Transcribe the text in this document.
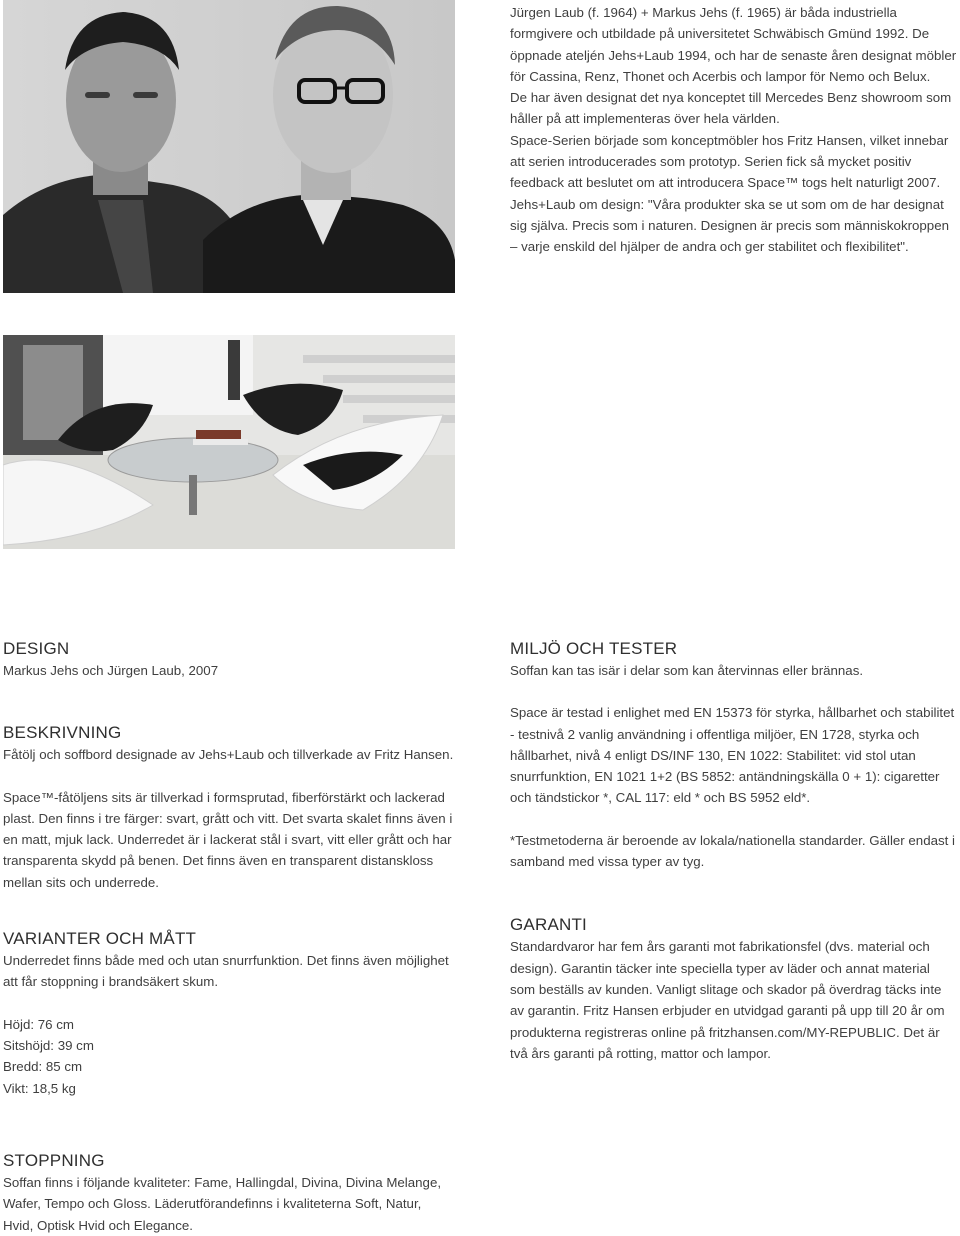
Jürgen Laub (f. 1964) + Markus Jehs (f. 1965) är båda industriella formgivere och utbildade på universitetet Schwäbisch Gmünd 1992. De öppnade ateljén Jehs+Laub 1994, och har de senaste åren designat möbler för Cassina, Renz, Thonet och Acerbis och lampor för Nemo och Belux.

De har även designat det nya konceptet till Mercedes Benz showroom som håller på att implementeras över hela världen.

Space-Serien började som konceptmöbler hos Fritz Hansen, vilket innebar att serien introducerades som prototyp. Serien fick så mycket positiv feedback att beslutet om att introducera Space™ togs helt naturligt 2007.

Jehs+Laub om design: "Våra produkter ska se ut som om de har designat sig själva. Precis som i naturen. Designen är precis som människokroppen – varje enskild del hjälper de andra och ger stabilitet och flexibilitet".

DESIGN

Markus Jehs och Jürgen Laub, 2007

BESKRIVNING

Fåtölj och soffbord designade av Jehs+Laub och tillverkade av Fritz Hansen.

Space™-fåtöljens sits är tillverkad i formsprutad, fiberförstärkt och lackerad plast. Den finns i tre färger: svart, grått och vitt. Det svarta skalet finns även i en matt, mjuk lack. Underredet är i lackerat stål i svart, vitt eller grått och har transparenta skydd på benen. Det finns även en transparent distanskloss mellan sits och underrede.

VARIANTER OCH MÅTT

Underredet finns både med och utan snurrfunktion. Det finns även möjlighet att får stoppning i brandsäkert skum.

Höjd: 76 cm
Sitshöjd: 39 cm
Bredd: 85 cm
Vikt: 18,5 kg
MILJÖ OCH TESTER

Soffan kan tas isär i delar som kan återvinnas eller brännas.

Space är testad i enlighet med EN 15373 för styrka, hållbarhet och stabilitet - testnivå 2 vanlig användning i offentliga miljöer, EN 1728, styrka och hållbarhet, nivå 4 enligt DS/INF 130, EN 1022: Stabilitet: vid stol utan snurrfunktion, EN 1021 1+2 (BS 5852: antändningskälla 0 + 1): cigaretter och tändstickor *, CAL 117: eld * och BS 5952 eld*.

*Testmetoderna är beroende av lokala/nationella standarder. Gäller endast i samband med vissa typer av tyg.

GARANTI

Standardvaror har fem års garanti mot fabrikationsfel (dvs. material och design). Garantin täcker inte speciella typer av läder och annat material som beställs av kunden. Vanligt slitage och skador på överdrag täcks inte av garantin. Fritz Hansen erbjuder en utvidgad garanti på upp till 20 år om produkterna registreras online på fritzhansen.com/MY-REPUBLIC. Det är två års garanti på rotting, mattor och lampor.

STOPPNING

Soffan finns i följande kvaliteter: Fame, Hallingdal, Divina, Divina Melange, Wafer, Tempo och Gloss. Läderutförandefinns i kvaliteterna Soft, Natur, Hvid, Optisk Hvid och Elegance.
